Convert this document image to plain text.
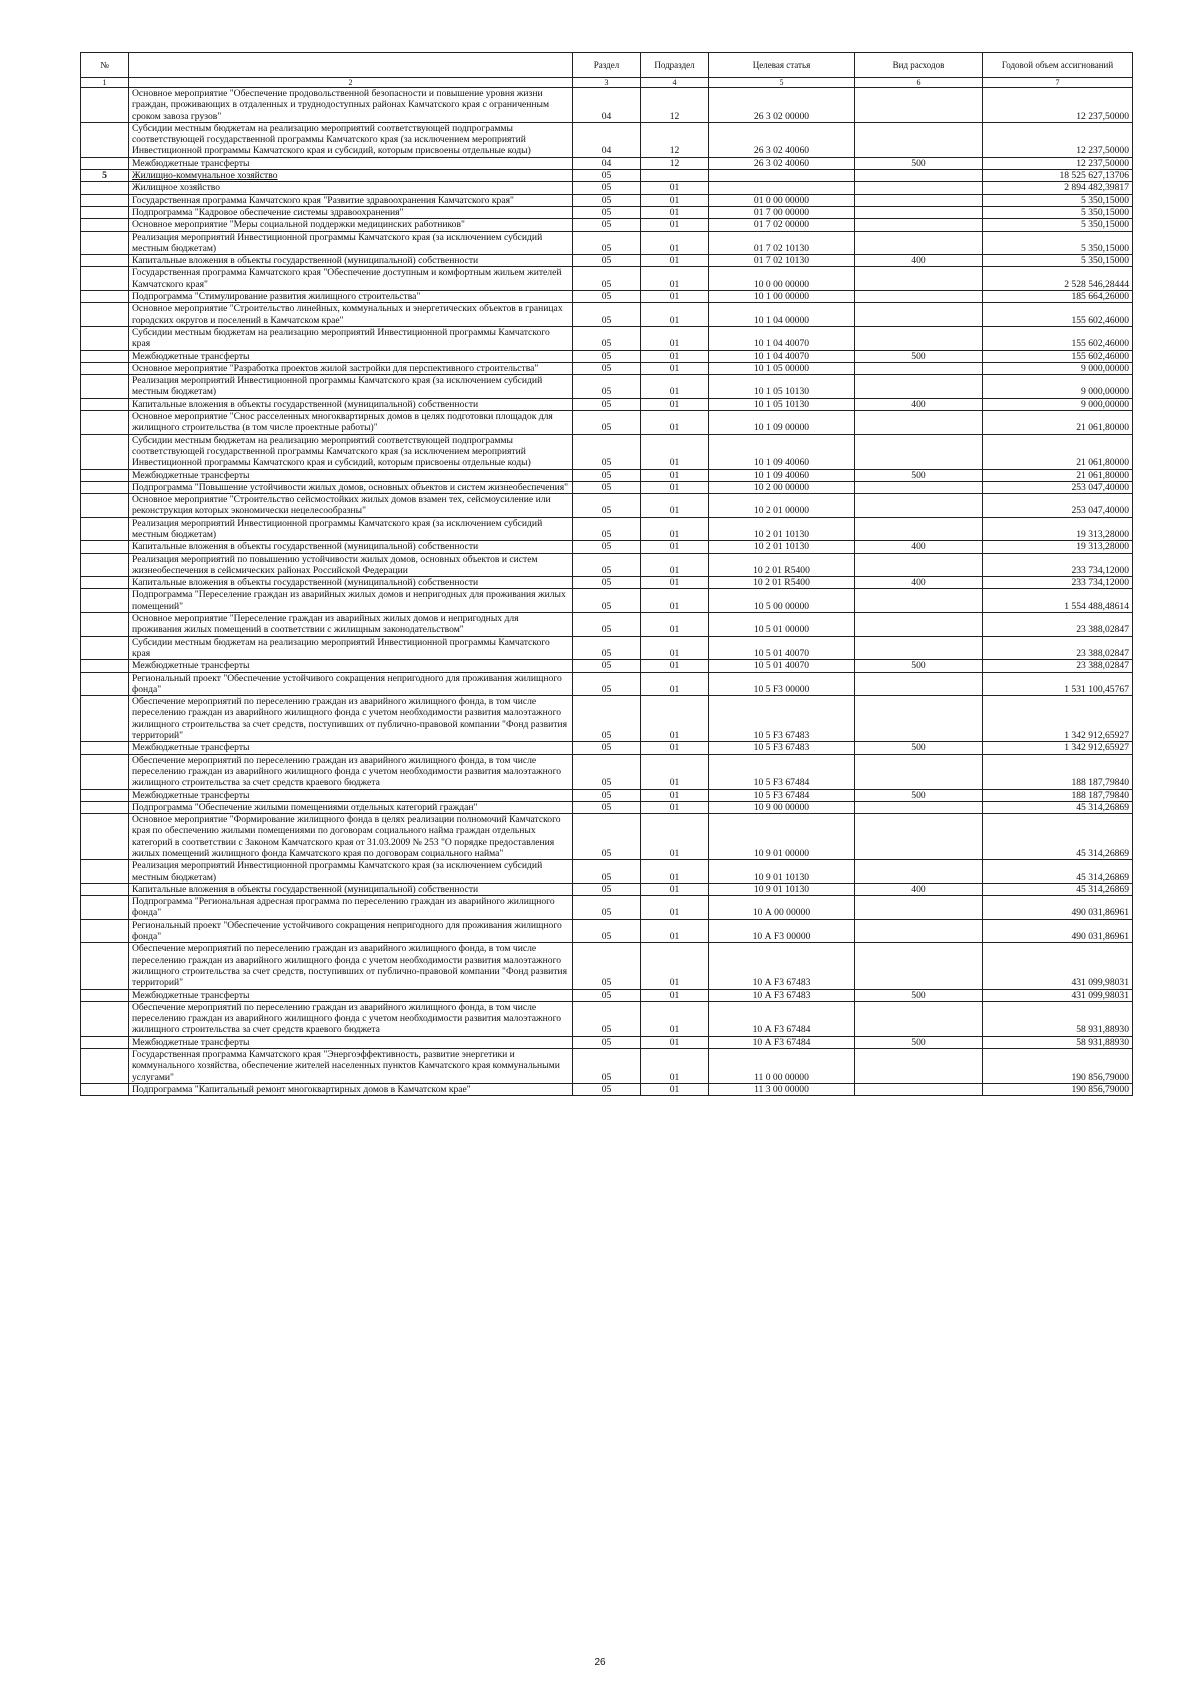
№		Раздел	Подраздел	Целевая статья	Вид расходов	Годовой объем ассигнований
1	2	3	4	5	6	7
	Основное мероприятие "Обеспечение продовольственной безопасности и повышение уровня жизни граждан, проживающих в отдаленных и труднодоступных районах Камчатского края с ограниченным сроком завоза грузов"	04	12	26 3 02 00000		12 237,50000
	Субсидии местным бюджетам на реализацию мероприятий соответствующей подпрограммы соответствующей государственной программы Камчатского края (за исключением мероприятий Инвестиционной программы Камчатского края и субсидий, которым присвоены отдельные коды)	04	12	26 3 02 40060		12 237,50000
	Межбюджетные трансферты	04	12	26 3 02 40060	500	12 237,50000
5	Жилищно-коммунальное хозяйство	05				18 525 627,13706
	Жилищное хозяйство	05	01			2 894 482,39817
	Государственная программа Камчатского края "Развитие здравоохранения Камчатского края"	05	01	01 0 00 00000		5 350,15000
	Подпрограмма "Кадровое обеспечение системы здравоохранения"	05	01	01 7 00 00000		5 350,15000
	Основное мероприятие "Меры социальной поддержки медицинских работников"	05	01	01 7 02 00000		5 350,15000
	Реализация мероприятий Инвестиционной программы Камчатского края (за исключением субсидий местным бюджетам)	05	01	01 7 02 10130		5 350,15000
	Капитальные вложения в объекты государственной (муниципальной) собственности	05	01	01 7 02 10130	400	5 350,15000
	Государственная программа Камчатского края "Обеспечение доступным и комфортным жильем жителей Камчатского края"	05	01	10 0 00 00000		2 528 546,28444
	Подпрограмма "Стимулирование развития жилищного строительства"	05	01	10 1 00 00000		185 664,26000
	Основное мероприятие "Строительство линейных, коммунальных и энергетических объектов в границах городских округов и поселений в Камчатском крае"	05	01	10 1 04 00000		155 602,46000
	Субсидии местным бюджетам на реализацию мероприятий Инвестиционной программы Камчатского края	05	01	10 1 04 40070		155 602,46000
	Межбюджетные трансферты	05	01	10 1 04 40070	500	155 602,46000
	Основное мероприятие "Разработка проектов жилой застройки для перспективного строительства"	05	01	10 1 05 00000		9 000,00000
	Реализация мероприятий Инвестиционной программы Камчатского края (за исключением субсидий местным бюджетам)	05	01	10 1 05 10130		9 000,00000
	Капитальные вложения в объекты государственной (муниципальной) собственности	05	01	10 1 05 10130	400	9 000,00000
	Основное мероприятие "Снос расселенных многоквартирных домов в целях подготовки площадок для жилищного строительства (в том числе проектные работы)"	05	01	10 1 09 00000		21 061,80000
	Субсидии местным бюджетам на реализацию мероприятий соответствующей подпрограммы соответствующей государственной программы Камчатского края (за исключением мероприятий Инвестиционной программы Камчатского края и субсидий, которым присвоены отдельные коды)	05	01	10 1 09 40060		21 061,80000
	Межбюджетные трансферты	05	01	10 1 09 40060	500	21 061,80000
	Подпрограмма "Повышение устойчивости жилых домов, основных объектов и систем жизнеобеспечения"	05	01	10 2 00 00000		253 047,40000
	Основное мероприятие "Строительство сейсмостойких жилых домов взамен тех, сейсмоусиление или реконструкция которых экономически нецелесообразны"	05	01	10 2 01 00000		253 047,40000
	Реализация мероприятий Инвестиционной программы Камчатского края (за исключением субсидий местным бюджетам)	05	01	10 2 01 10130		19 313,28000
	Капитальные вложения в объекты государственной (муниципальной) собственности	05	01	10 2 01 10130	400	19 313,28000
	Реализация мероприятий по повышению устойчивости жилых домов, основных объектов и систем жизнеобеспечения в сейсмических районах Российской Федерации	05	01	10 2 01 R5400		233 734,12000
	Капитальные вложения в объекты государственной (муниципальной) собственности	05	01	10 2 01 R5400	400	233 734,12000
	Подпрограмма "Переселение граждан из аварийных жилых домов и непригодных для проживания жилых помещений"	05	01	10 5 00 00000		1 554 488,48614
	Основное мероприятие "Переселение граждан из аварийных жилых домов и непригодных для проживания жилых помещений в соответствии с жилищным законодательством"	05	01	10 5 01 00000		23 388,02847
	Субсидии местным бюджетам на реализацию мероприятий Инвестиционной программы Камчатского края	05	01	10 5 01 40070		23 388,02847
	Межбюджетные трансферты	05	01	10 5 01 40070	500	23 388,02847
	Региональный проект "Обеспечение устойчивого сокращения непригодного для проживания жилищного фонда"	05	01	10 5 F3 00000		1 531 100,45767
	Обеспечение мероприятий по переселению граждан из аварийного жилищного фонда, в том числе переселению граждан из аварийного жилищного фонда с учетом необходимости развития малоэтажного жилищного строительства за счет средств, поступивших от публично-правовой компании "Фонд развития территорий"	05	01	10 5 F3 67483		1 342 912,65927
	Межбюджетные трансферты	05	01	10 5 F3 67483	500	1 342 912,65927
	Обеспечение мероприятий по переселению граждан из аварийного жилищного фонда, в том числе переселению граждан из аварийного жилищного фонда с учетом необходимости развития малоэтажного жилищного строительства за счет средств краевого бюджета	05	01	10 5 F3 67484		188 187,79840
	Межбюджетные трансферты	05	01	10 5 F3 67484	500	188 187,79840
	Подпрограмма "Обеспечение жилыми помещениями отдельных категорий граждан"	05	01	10 9 00 00000		45 314,26869
	Основное мероприятие "Формирование жилищного фонда в целях реализации полномочий Камчатского края по обеспечению жилыми помещениями по договорам социального найма граждан отдельных категорий в соответствии с Законом Камчатского края от 31.03.2009 № 253 "О порядке предоставления жилых помещений жилищного фонда Камчатского края по договорам социального найма"	05	01	10 9 01 00000		45 314,26869
	Реализация мероприятий Инвестиционной программы Камчатского края (за исключением субсидий местным бюджетам)	05	01	10 9 01 10130		45 314,26869
	Капитальные вложения в объекты государственной (муниципальной) собственности	05	01	10 9 01 10130	400	45 314,26869
	Подпрограмма "Региональная адресная программа по переселению граждан из аварийного жилищного фонда"	05	01	10 А 00 00000		490 031,86961
	Региональный проект "Обеспечение устойчивого сокращения непригодного для проживания жилищного фонда"	05	01	10 А F3 00000		490 031,86961
	Обеспечение мероприятий по переселению граждан из аварийного жилищного фонда, в том числе переселению граждан из аварийного жилищного фонда с учетом необходимости развития малоэтажного жилищного строительства за счет средств, поступивших от публично-правовой компании "Фонд развития территорий"	05	01	10 А F3 67483		431 099,98031
	Межбюджетные трансферты	05	01	10 А F3 67483	500	431 099,98031
	Обеспечение мероприятий по переселению граждан из аварийного жилищного фонда, в том числе переселению граждан из аварийного жилищного фонда с учетом необходимости развития малоэтажного жилищного строительства за счет средств краевого бюджета	05	01	10 А F3 67484		58 931,88930
	Межбюджетные трансферты	05	01	10 А F3 67484	500	58 931,88930
	Государственная программа Камчатского края "Энергоэффективность, развитие энергетики и коммунального хозяйства, обеспечение жителей населенных пунктов Камчатского края коммунальными услугами"	05	01	11 0 00 00000		190 856,79000
	Подпрограмма "Капитальный ремонт многоквартирных домов в Камчатском крае"	05	01	11 3 00 00000		190 856,79000
26
